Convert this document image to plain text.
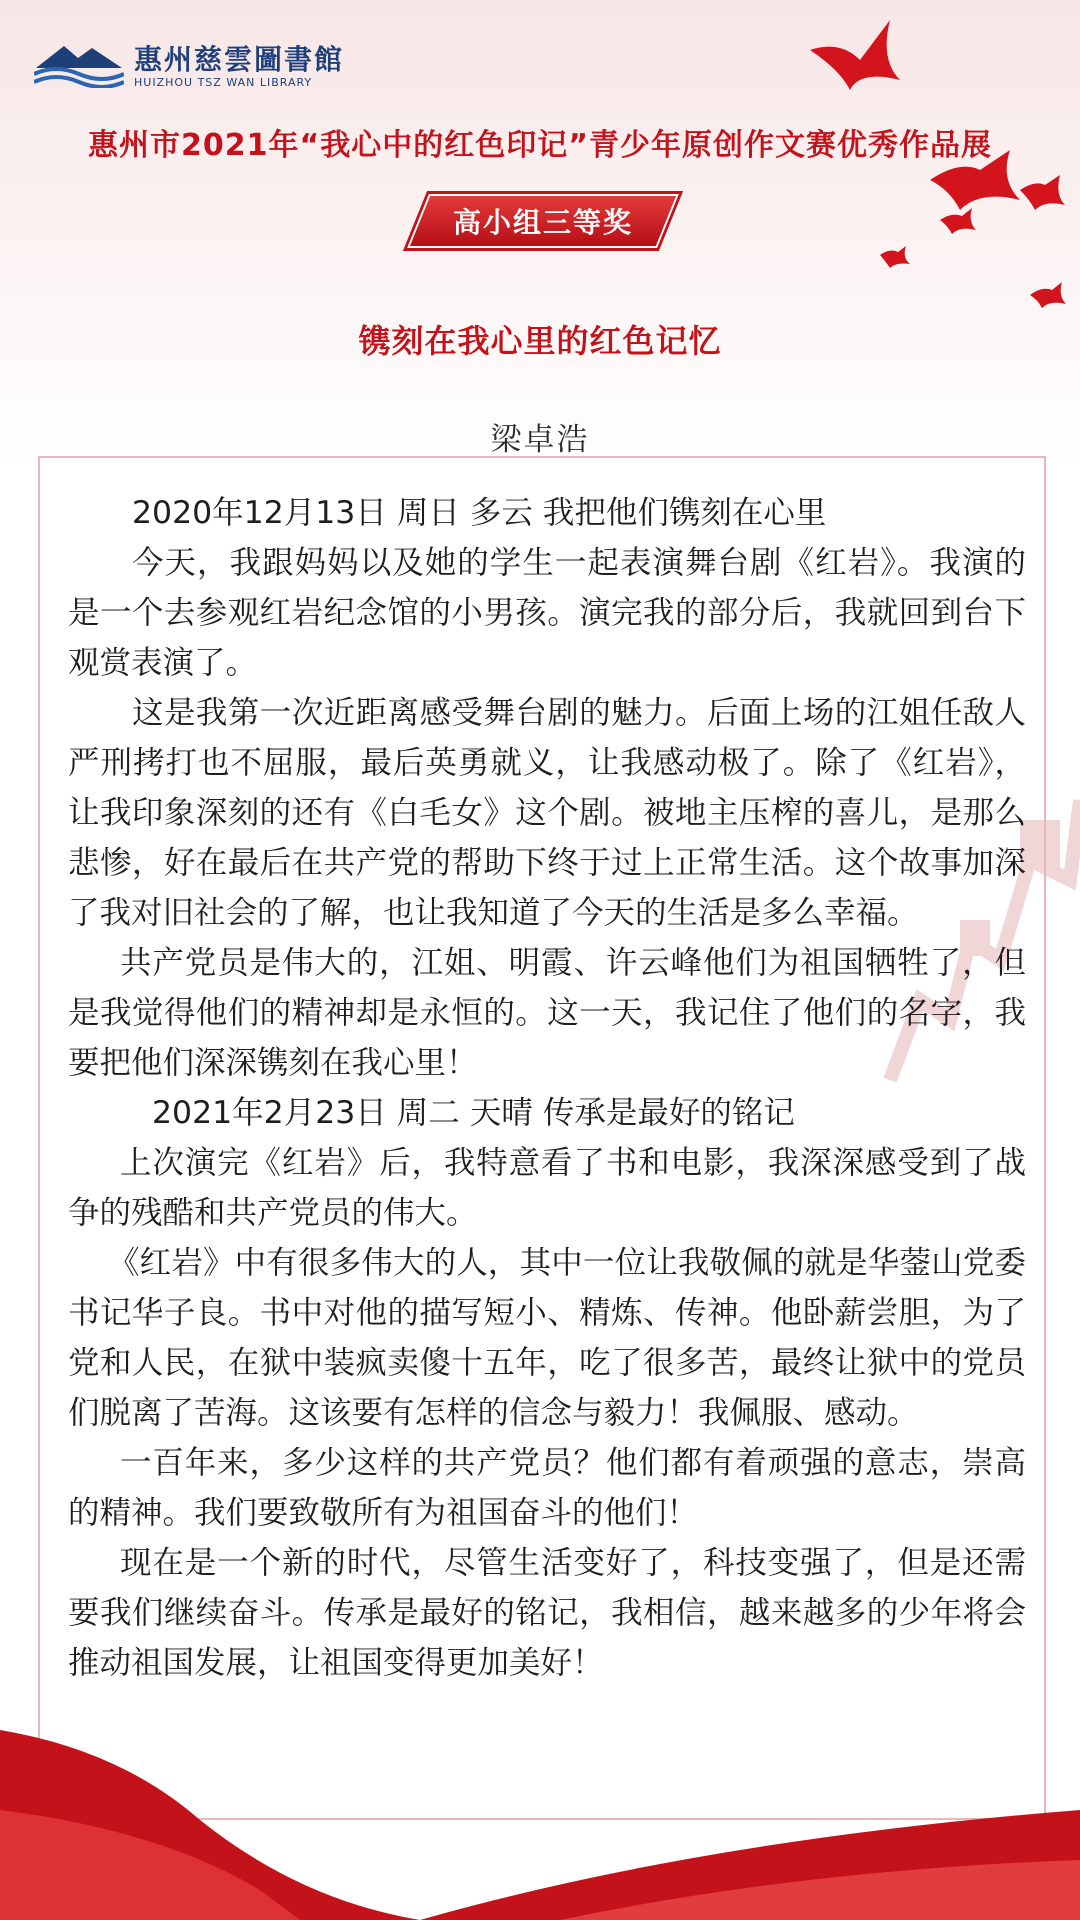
惠州慈雲圖書館
HUIZHOU TSZ WAN LIBRARY
惠州市2021年“我心中的红色印记”青少年原创作文赛优秀作品展
高小组三等奖
镌刻在我心里的红色记忆
梁卓浩

2020年12月13日 周日 多云 我把他们镌刻在心里

今天，我跟妈妈以及她的学生一起表演舞台剧《红岩》。我演的是一个去参观红岩纪念馆的小男孩。演完我的部分后，我就回到台下观赏表演了。

这是我第一次近距离感受舞台剧的魅力。后面上场的江姐任敌人严刑拷打也不屈服，最后英勇就义，让我感动极了。除了《红岩》，让我印象深刻的还有《白毛女》这个剧。被地主压榨的喜儿，是那么悲惨，好在最后在共产党的帮助下终于过上正常生活。这个故事加深了我对旧社会的了解，也让我知道了今天的生活是多么幸福。

共产党员是伟大的，江姐、明霞、许云峰他们为祖国牺牲了，但是我觉得他们的精神却是永恒的。这一天，我记住了他们的名字，我要把他们深深镌刻在我心里！

2021年2月23日 周二 天晴 传承是最好的铭记

上次演完《红岩》后，我特意看了书和电影，我深深感受到了战争的残酷和共产党员的伟大。

《红岩》中有很多伟大的人，其中一位让我敬佩的就是华蓥山党委书记华子良。书中对他的描写短小、精炼、传神。他卧薪尝胆，为了党和人民，在狱中装疯卖傻十五年，吃了很多苦，最终让狱中的党员们脱离了苦海。这该要有怎样的信念与毅力！我佩服、感动。

一百年来，多少这样的共产党员？他们都有着顽强的意志，崇高的精神。我们要致敬所有为祖国奋斗的他们！

现在是一个新的时代，尽管生活变好了，科技变强了，但是还需要我们继续奋斗。传承是最好的铭记，我相信，越来越多的少年将会推动祖国发展，让祖国变得更加美好！
